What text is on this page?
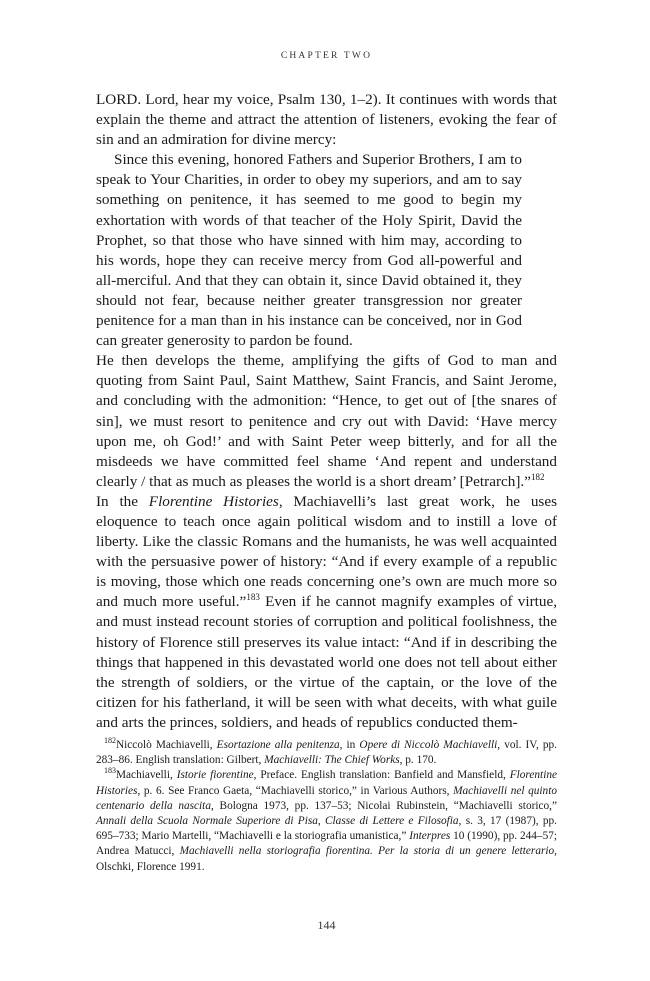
CHAPTER TWO

LORD. Lord, hear my voice, Psalm 130, 1–2). It continues with words that explain the theme and attract the attention of listeners, evoking the fear of sin and an admiration for divine mercy:

Since this evening, honored Fathers and Superior Brothers, I am to speak to Your Charities, in order to obey my superiors, and am to say something on penitence, it has seemed to me good to begin my exhortation with words of that teacher of the Holy Spirit, David the Prophet, so that those who have sinned with him may, according to his words, hope they can receive mercy from God all-powerful and all-merciful. And that they can obtain it, since David obtained it, they should not fear, because neither greater transgression nor greater penitence for a man than in his instance can be conceived, nor in God can greater generosity to pardon be found.

He then develops the theme, amplifying the gifts of God to man and quoting from Saint Paul, Saint Matthew, Saint Francis, and Saint Jerome, and concluding with the admonition: “Hence, to get out of [the snares of sin], we must resort to penitence and cry out with David: ‘Have mercy upon me, oh God!’ and with Saint Peter weep bitterly, and for all the misdeeds we have committed feel shame ‘And repent and understand clearly / that as much as pleases the world is a short dream’ [Petrarch].”$^{182}$

In the Florentine Histories, Machiavelli’s last great work, he uses eloquence to teach once again political wisdom and to instill a love of liberty. Like the classic Romans and the humanists, he was well acquainted with the persuasive power of history: “And if every example of a republic is moving, those which one reads concerning one’s own are much more so and much more useful.”$^{183}$ Even if he cannot magnify examples of virtue, and must instead recount stories of corruption and political foolishness, the history of Florence still preserves its value intact: “And if in describing the things that happened in this devastated world one does not tell about either the strength of soldiers, or the virtue of the captain, or the love of the citizen for his fatherland, it will be seen with what deceits, with what guile and arts the princes, soldiers, and heads of republics conducted them-

$^{182}$Niccolò Machiavelli, Esortazione alla penitenza, in Opere di Niccolò Machiavelli, vol. IV, pp. 283–86. English translation: Gilbert, Machiavelli: The Chief Works, p. 170.

$^{183}$Machiavelli, Istorie fiorentine, Preface. English translation: Banfield and Mansfield, Florentine Histories, p. 6. See Franco Gaeta, “Machiavelli storico,” in Various Authors, Machiavelli nel quinto centenario della nascita, Bologna 1973, pp. 137–53; Nicolai Rubinstein, “Machiavelli storico,” Annali della Scuola Normale Superiore di Pisa, Classe di Lettere e Filosofia, s. 3, 17 (1987), pp. 695–733; Mario Martelli, “Machiavelli e la storiografia umanistica,” Interpres 10 (1990), pp. 244–57; Andrea Matucci, Machiavelli nella storiografia fiorentina. Per la storia di un genere letterario, Olschki, Florence 1991.

144
